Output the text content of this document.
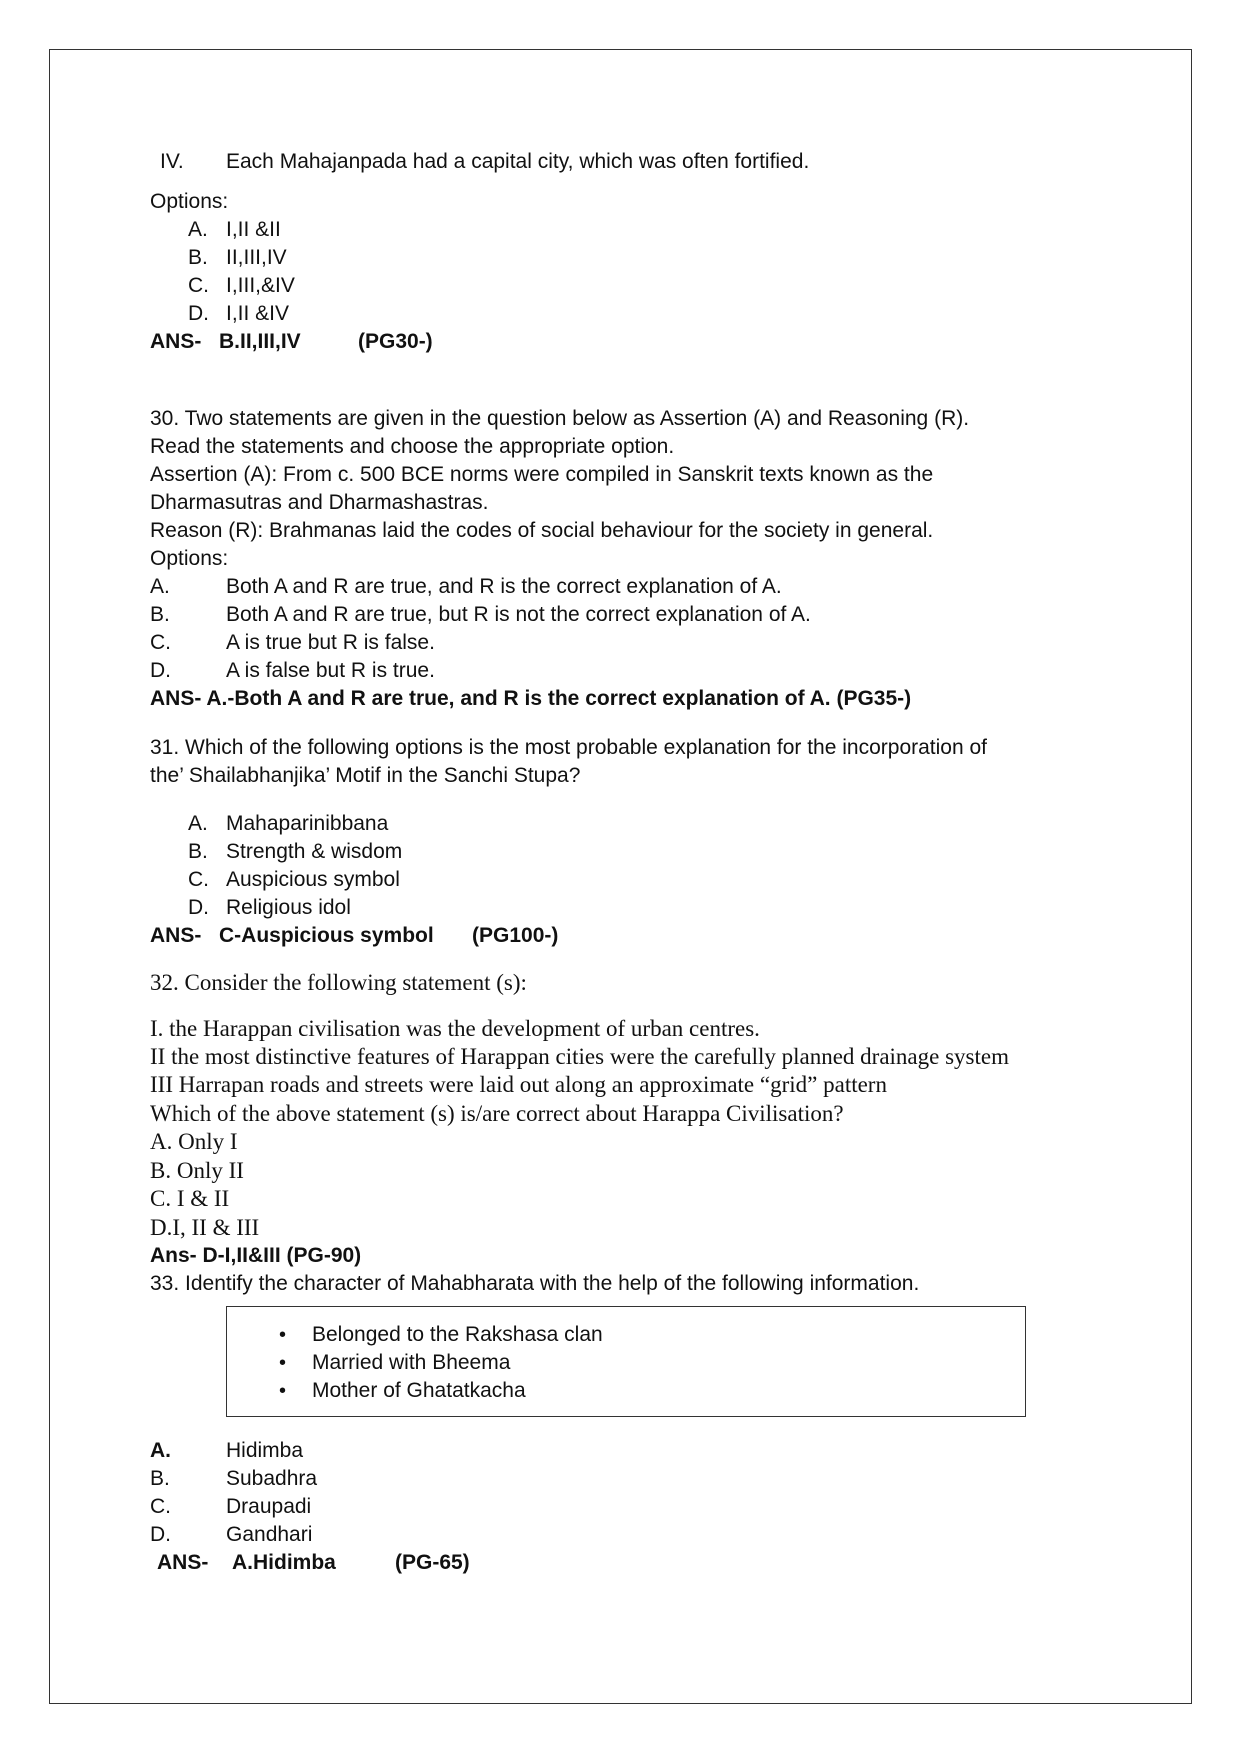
IV. Each Mahajanpada had a capital city, which was often fortified.
Options:
A. I,II &II
B. II,III,IV
C. I,III,&IV
D. I,II &IV
ANS- B.II,III,IV	(PG30-)
30. Two statements are given in the question below as Assertion (A) and Reasoning (R).
Read the statements and choose the appropriate option.
Assertion (A): From c. 500 BCE norms were compiled in Sanskrit texts known as the
Dharmasutras and Dharmashastras.
Reason (R): Brahmanas laid the codes of social behaviour for the society in general.
Options:
A.	Both A and R are true, and R is the correct explanation of A.
B.	Both A and R are true, but R is not the correct explanation of A.
C.	A is true but R is false.
D.	A is false but R is true.
ANS- A.-Both A and R are true, and R is the correct explanation of A. (PG35-)
31. Which of the following options is the most probable explanation for the incorporation of
the’ Shailabhanjika’ Motif in the Sanchi Stupa?
A. Mahaparinibbana
B. Strength & wisdom
C. Auspicious symbol
D. Religious idol
ANS- C-Auspicious symbol (PG100-)
32. Consider the following statement (s):
I. the Harappan civilisation was the development of urban centres.
II the most distinctive features of Harappan cities were the carefully planned drainage system
III Harrapan roads and streets were laid out along an approximate “grid” pattern
Which of the above statement (s) is/are correct about Harappa Civilisation?
A. Only I
B. Only II
C. I & II
D.I, II & III
Ans- D-I,II&III (PG-90)
33. Identify the character of Mahabharata with the help of the following information.
• Belonged to the Rakshasa clan
• Married with Bheema
• Mother of Ghatatkacha
A.	Hidimba
B.	Subadhra
C.	Draupadi
D.	Gandhari
ANS- A.Hidimba	(PG-65)
